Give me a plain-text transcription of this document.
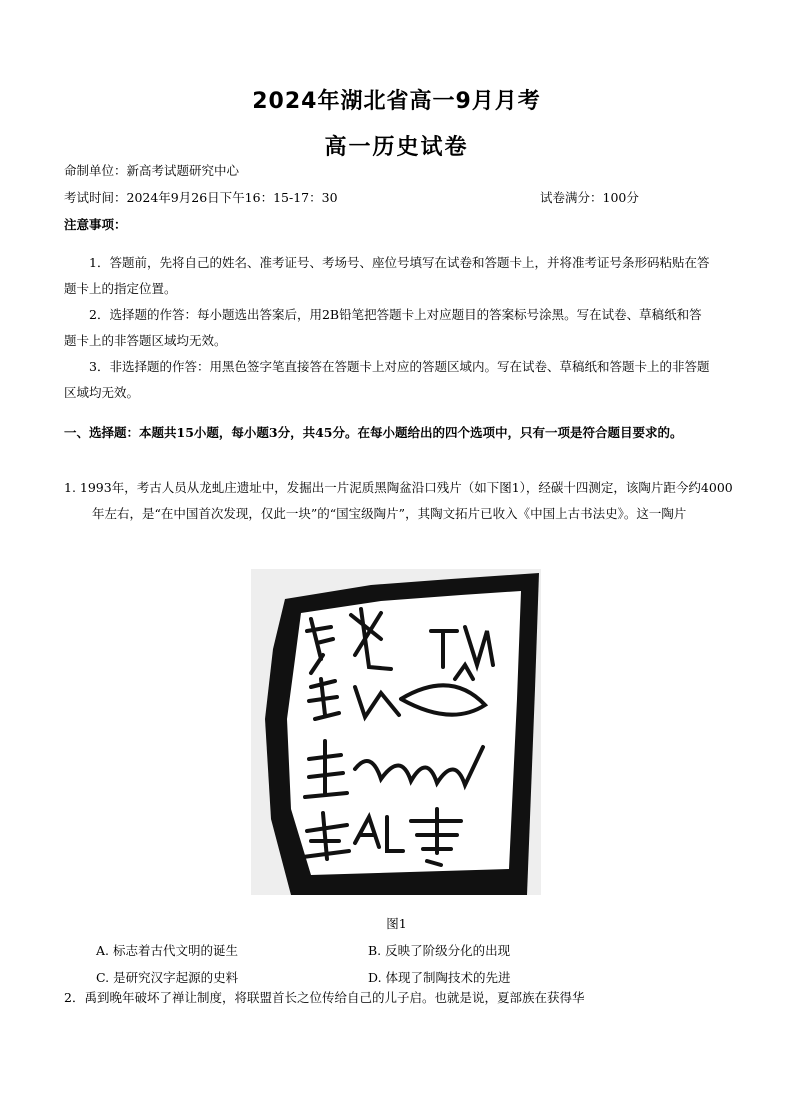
2024年湖北省高一9月月考
高一历史试卷
命制单位：新高考试题研究中心
考试时间：2024年9月26日下午16：15-17：30	试卷满分：100分
注意事项：

1．答题前，先将自己的姓名、准考证号、考场号、座位号填写在试卷和答题卡上，并将准考证号条形码粘贴在答题卡上的指定位置。

2．选择题的作答：每小题选出答案后，用2B铅笔把答题卡上对应题目的答案标号涂黑。写在试卷、草稿纸和答题卡上的非答题区域均无效。

3．非选择题的作答：用黑色签字笔直接答在答题卡上对应的答题区域内。写在试卷、草稿纸和答题卡上的非答题区域均无效。

一、选择题：本题共15小题，每小题3分，共45分。在每小题给出的四个选项中，只有一项是符合题目要求的。
1. 1993年，考古人员从龙虬庄遗址中，发掘出一片泥质黑陶盆沿口残片（如下图1），经碳十四测定，该陶片距今约4000年左右，是“在中国首次发现，仅此一块”的“国宝级陶片”，其陶文拓片已收入《中国上古书法史》。这一陶片
图1
A. 标志着古代文明的诞生	B. 反映了阶级分化的出现
C. 是研究汉字起源的史料	D. 体现了制陶技术的先进
2．禹到晚年破坏了禅让制度，将联盟首长之位传给自己的儿子启。也就是说，夏部族在获得华
